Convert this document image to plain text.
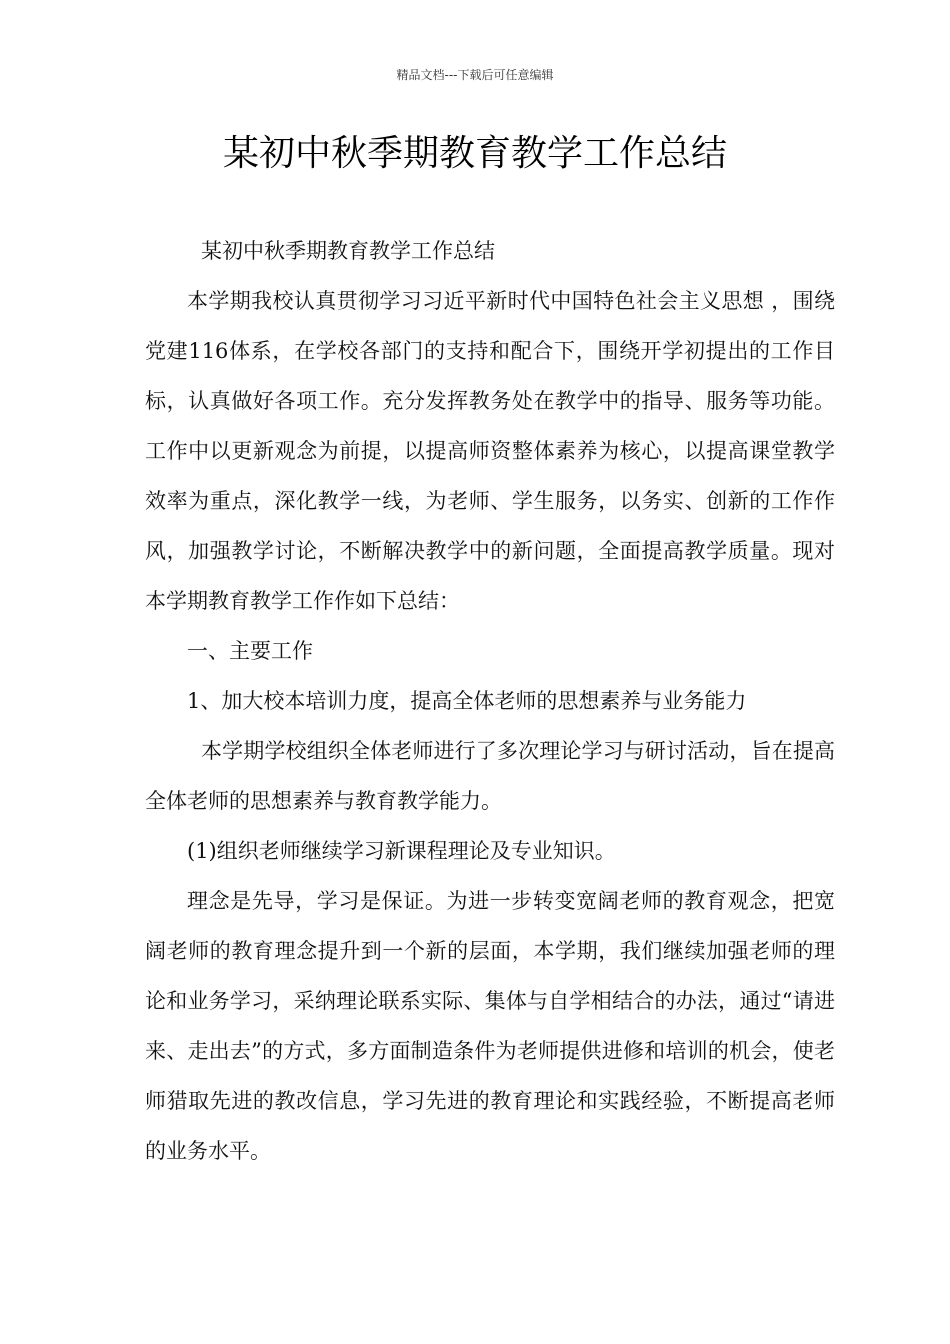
精品文档---下载后可任意编辑
某初中秋季期教育教学工作总结

某初中秋季期教育教学工作总结

本学期我校认真贯彻学习习近平新时代中国特色社会主义思想 ，围绕党建116体系，在学校各部门的支持和配合下，围绕开学初提出的工作目标，认真做好各项工作。充分发挥教务处在教学中的指导、服务等功能。工作中以更新观念为前提，以提高师资整体素养为核心，以提高课堂教学效率为重点，深化教学一线，为老师、学生服务，以务实、创新的工作作风，加强教学讨论，不断解决教学中的新问题，全面提高教学质量。现对本学期教育教学工作作如下总结：

一、主要工作

1、加大校本培训力度，提高全体老师的思想素养与业务能力

本学期学校组织全体老师进行了多次理论学习与研讨活动，旨在提高全体老师的思想素养与教育教学能力。

(1)组织老师继续学习新课程理论及专业知识。

理念是先导，学习是保证。为进一步转变宽阔老师的教育观念，把宽阔老师的教育理念提升到一个新的层面，本学期，我们继续加强老师的理论和业务学习，采纳理论联系实际、集体与自学相结合的办法，通过“请进来、走出去”的方式，多方面制造条件为老师提供进修和培训的机会，使老师猎取先进的教改信息，学习先进的教育理论和实践经验，不断提高老师的业务水平。
